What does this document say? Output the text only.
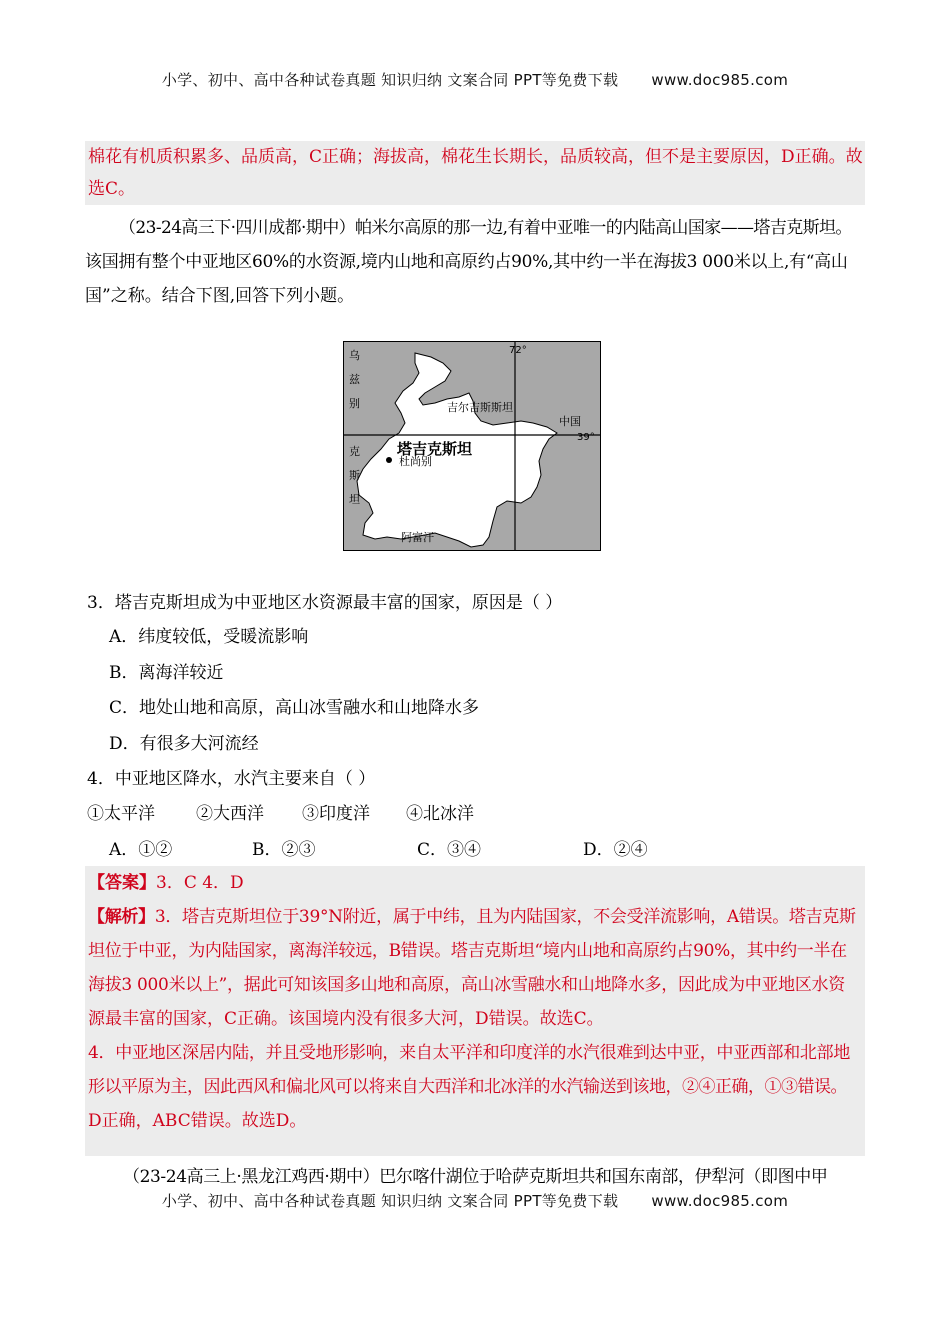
小学、初中、高中各种试卷真题 知识归纳 文案合同 PPT等免费下载 www.doc985.com

棉花有机质积累多、品质高，C正确；海拔高，棉花生长期长，品质较高，但不是主要原因，D正确。故

选C。

（23-24高三下·四川成都·期中）帕米尔高原的那一边,有着中亚唯一的内陆高山国家——塔吉克斯坦。

该国拥有整个中亚地区60%的水资源,境内山地和高原约占90%,其中约一半在海拔3 000米以上,有“高山

国”之称。结合下图,回答下列小题。

72°
39°
乌
兹
别
克
斯
坦
吉尔吉斯斯坦
中国
塔吉克斯坦
杜尚别
阿富汗
3．塔吉克斯坦成为中亚地区水资源最丰富的国家，原因是（ ）
A．纬度较低，受暖流影响
B．离海洋较近
C．地处山地和高原，高山冰雪融水和山地降水多
D．有很多大河流经
4．中亚地区降水，水汽主要来自（ ）
①太平洋 ②大西洋 ③印度洋 ④北冰洋
A．①②	B．②③	C．③④	D．②④

【答案】3．C 4．D

【解析】3．塔吉克斯坦位于39°N附近，属于中纬，且为内陆国家，不会受洋流影响，A错误。塔吉克斯

坦位于中亚，为内陆国家，离海洋较远，B错误。塔吉克斯坦“境内山地和高原约占90%，其中约一半在

海拔3 000米以上”，据此可知该国多山地和高原，高山冰雪融水和山地降水多，因此成为中亚地区水资

源最丰富的国家，C正确。该国境内没有很多大河，D错误。故选C。

4．中亚地区深居内陆，并且受地形影响，来自太平洋和印度洋的水汽很难到达中亚，中亚西部和北部地

形以平原为主，因此西风和偏北风可以将来自大西洋和北冰洋的水汽输送到该地，②④正确，①③错误。

D正确，ABC错误。故选D。

（23-24高三上·黑龙江鸡西·期中）巴尔喀什湖位于哈萨克斯坦共和国东南部，伊犁河（即图中甲
小学、初中、高中各种试卷真题 知识归纳 文案合同 PPT等免费下载 www.doc985.com
